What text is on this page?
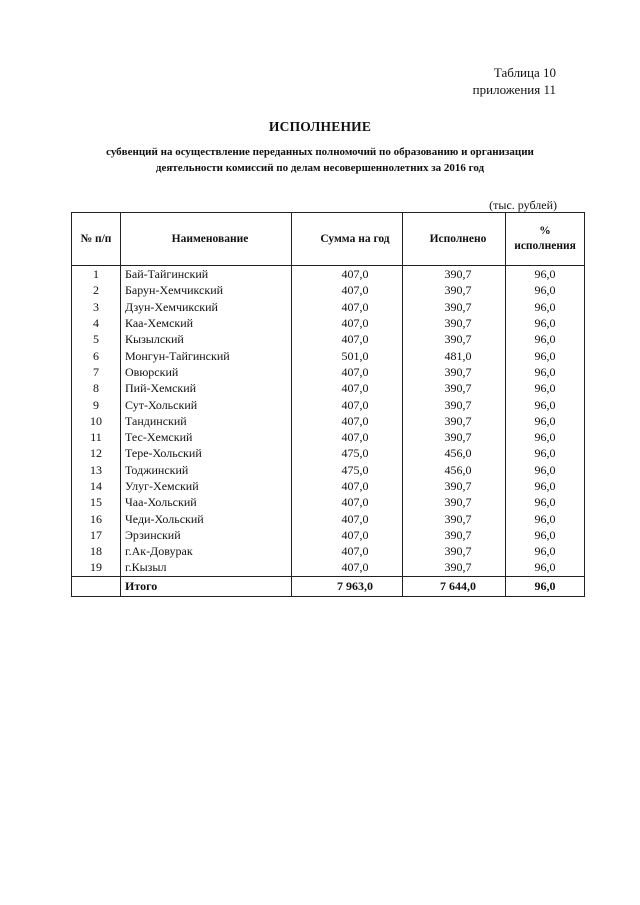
Таблица 10
приложения 11
ИСПОЛНЕНИЕ
субвенций на осуществление переданных полномочий по образованию и организации
деятельности комиссий по делам несовершеннолетних за 2016 год
(тыс. рублей)
№ п/п	Наименование	Сумма на год	Исполнено	%
исполнения

1	Бай-Тайгинский	407,0	390,7	96,0
2	Барун-Хемчикский	407,0	390,7	96,0
3	Дзун-Хемчикский	407,0	390,7	96,0
4	Каа-Хемский	407,0	390,7	96,0
5	Кызылский	407,0	390,7	96,0
6	Монгун-Тайгинский	501,0	481,0	96,0
7	Овюрский	407,0	390,7	96,0
8	Пий-Хемский	407,0	390,7	96,0
9	Сут-Хольский	407,0	390,7	96,0
10	Тандинский	407,0	390,7	96,0
11	Тес-Хемский	407,0	390,7	96,0
12	Тере-Хольский	475,0	456,0	96,0
13	Тоджинский	475,0	456,0	96,0
14	Улуг-Хемский	407,0	390,7	96,0
15	Чаа-Хольский	407,0	390,7	96,0
16	Чеди-Хольский	407,0	390,7	96,0
17	Эрзинский	407,0	390,7	96,0
18	г.Ак-Довурак	407,0	390,7	96,0
19	г.Кызыл	407,0	390,7	96,0
	Итого	7 963,0	7 644,0	96,0
